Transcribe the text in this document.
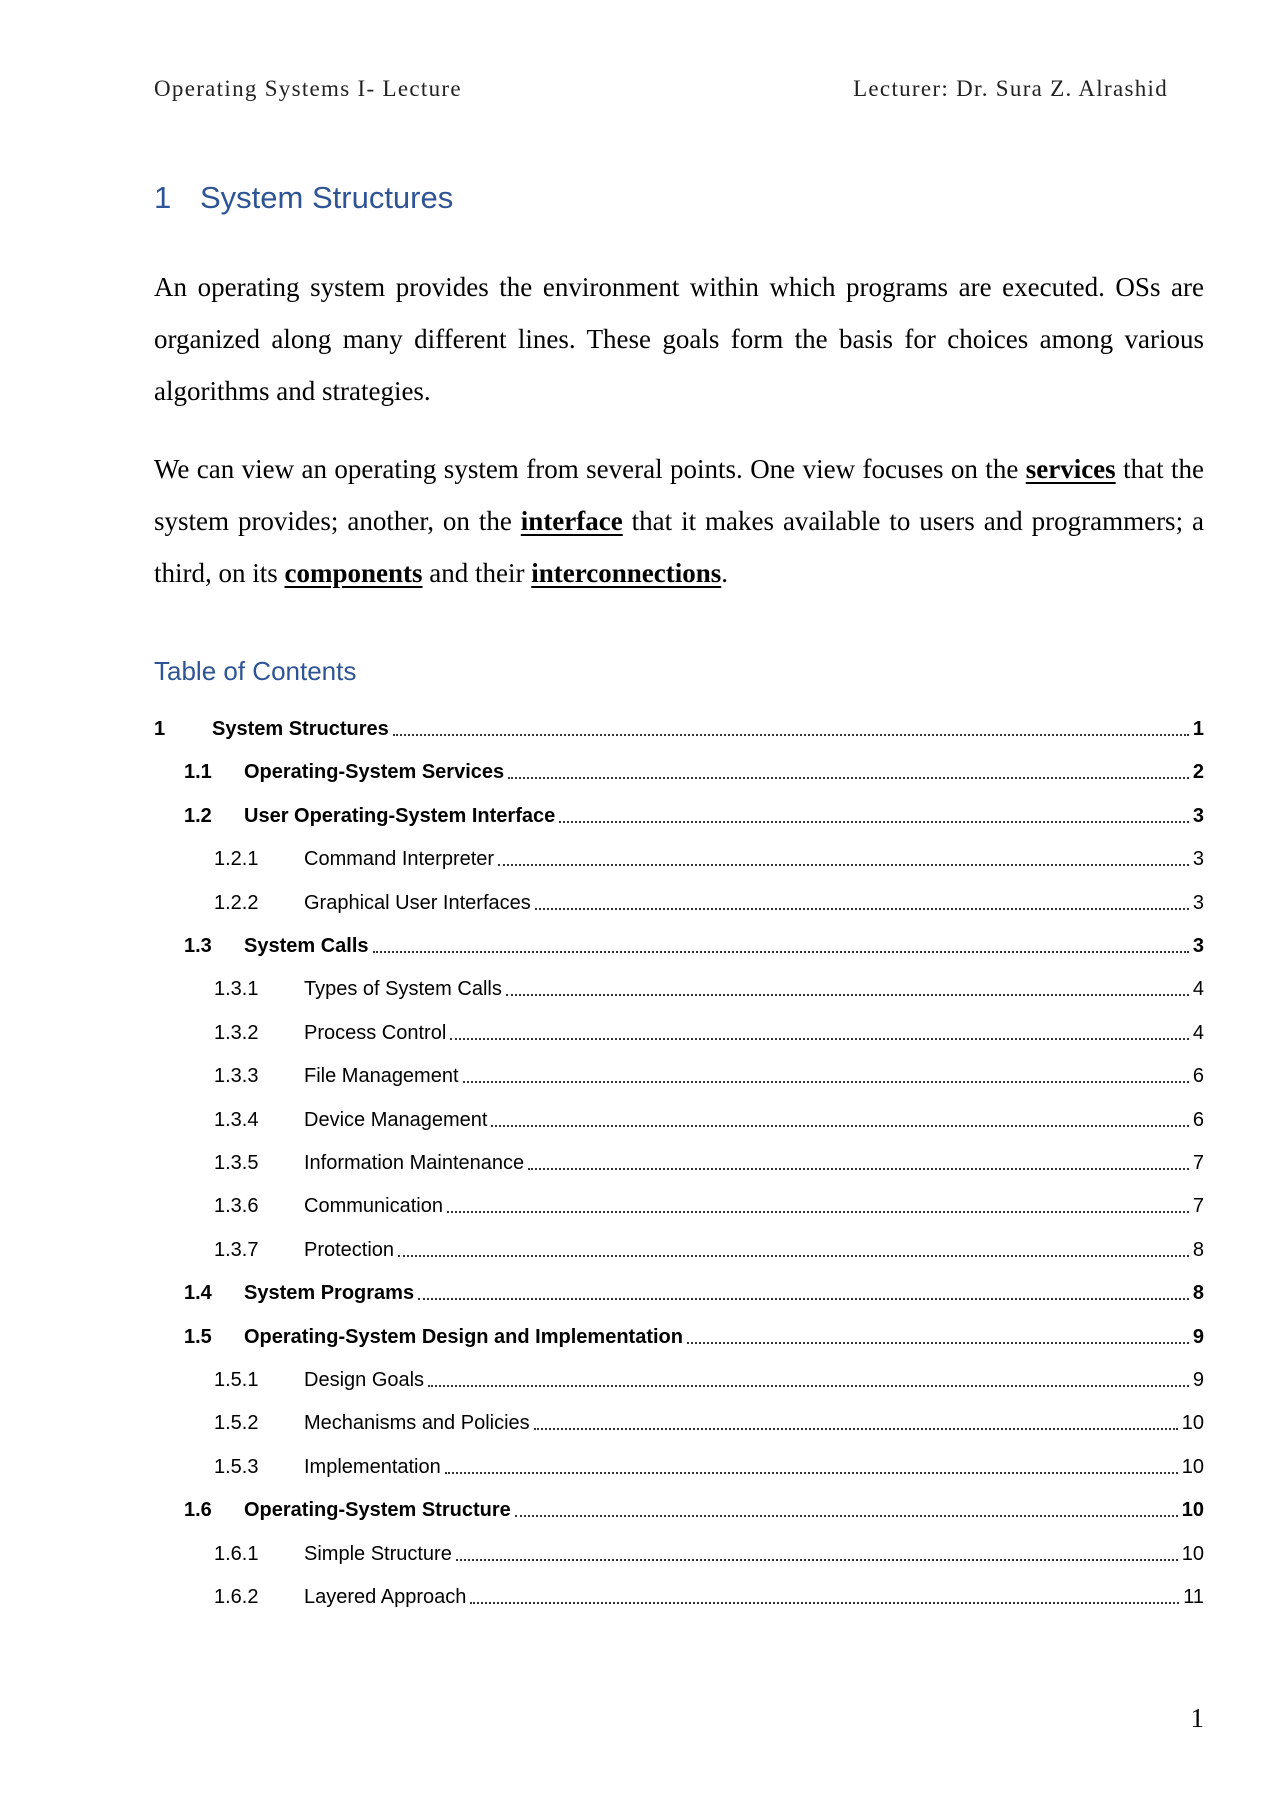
Operating Systems I- Lecture	Lecturer: Dr. Sura Z. Alrashid
1 System Structures

An operating system provides the environment within which programs are executed. OSs are organized along many different lines. These goals form the basis for choices among various algorithms and strategies.

We can view an operating system from several points. One view focuses on the services that the system provides; another, on the interface that it makes available to users and programmers; a third, on its components and their interconnections.

Table of Contents
1	System Structures	1
1.1	Operating-System Services	2
1.2	User Operating-System Interface	3
1.2.1	Command Interpreter	3
1.2.2	Graphical User Interfaces	3
1.3	System Calls	3
1.3.1	Types of System Calls	4
1.3.2	Process Control	4
1.3.3	File Management	6
1.3.4	Device Management	6
1.3.5	Information Maintenance	7
1.3.6	Communication	7
1.3.7	Protection	8
1.4	System Programs	8
1.5	Operating-System Design and Implementation	9
1.5.1	Design Goals	9
1.5.2	Mechanisms and Policies	10
1.5.3	Implementation	10
1.6	Operating-System Structure	10
1.6.1	Simple Structure	10
1.6.2	Layered Approach	11
1
